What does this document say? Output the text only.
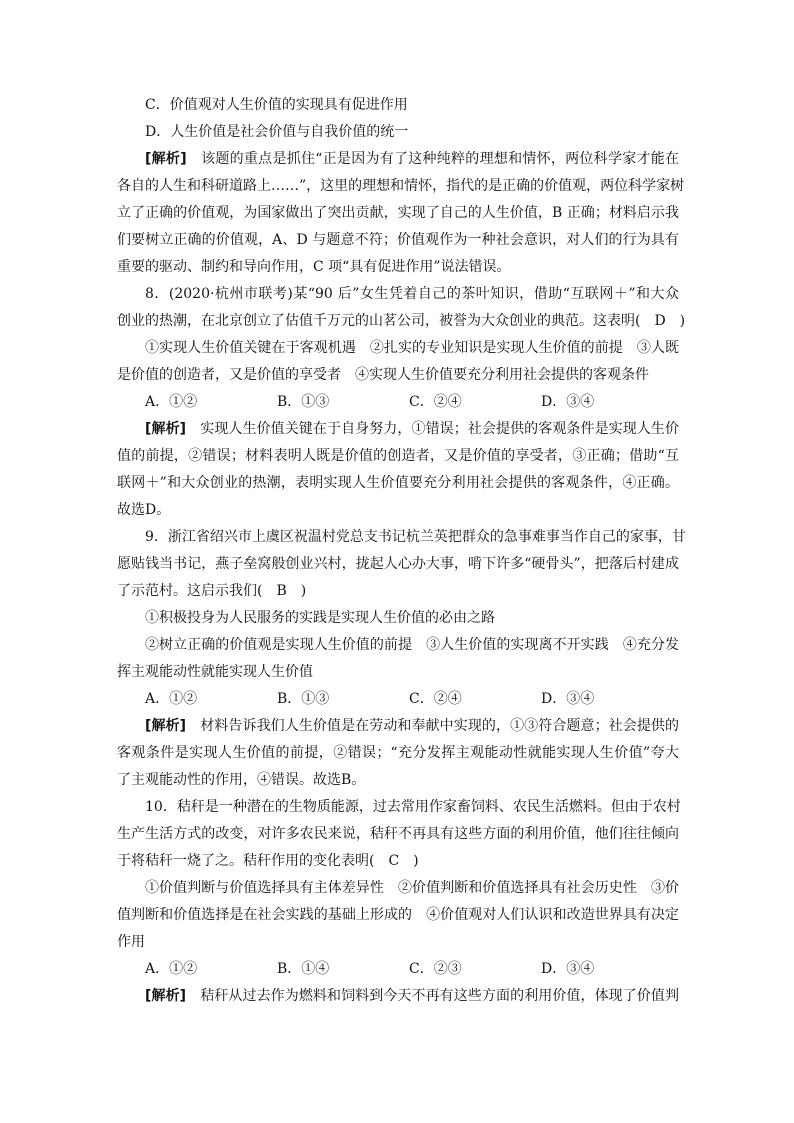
C．价值观对人生价值的实现具有促进作用
D．人生价值是社会价值与自我价值的统一
[解析]　 该题的重点是抓住“正是因为有了这种纯粹的理想和情怀，两位科学家才能在
各自的人生和科研道路上……”，这里的理想和情怀，指代的是正确的价值观，两位科学家树
立了正确的价值观，为国家做出了突出贡献，实现了自己的人生价值，B 正确；材料启示我
们要树立正确的价值观，A、D 与题意不符；价值观作为一种社会意识，对人们的行为具有
重要的驱动、制约和导向作用，C 项“具有促进作用”说法错误。
8．(2020·杭州市联考)某“90 后”女生凭着自己的茶叶知识，借助“互联网＋”和大众
创业的热潮，在北京创立了估值千万元的山茗公司，被誉为大众创业的典范。这表明(　D　)
①实现人生价值关键在于客观机遇　②扎实的专业知识是实现人生价值的前提　③人既
是价值的创造者，又是价值的享受者　④实现人生价值要充分利用社会提供的客观条件
A．①②	B．①③	C．②④	D．③④
[解析]　 实现人生价值关键在于自身努力，①错误；社会提供的客观条件是实现人生价
值的前提，②错误；材料表明人既是价值的创造者，又是价值的享受者，③正确；借助“互
联网＋”和大众创业的热潮，表明实现人生价值要充分利用社会提供的客观条件，④正确。
故选D。
9．浙江省绍兴市上虞区祝温村党总支书记杭兰英把群众的急事难事当作自己的家事，甘
愿贴钱当书记，燕子垒窝般创业兴村，拢起人心办大事，啃下许多“硬骨头”，把落后村建成
了示范村。这启示我们(　B　)
①积极投身为人民服务的实践是实现人生价值的必由之路
②树立正确的价值观是实现人生价值的前提　③人生价值的实现离不开实践　④充分发
挥主观能动性就能实现人生价值
A．①②	B．①③	C．②④	D．③④
[解析]　 材料告诉我们人生价值是在劳动和奉献中实现的，①③符合题意；社会提供的
客观条件是实现人生价值的前提，②错误；“充分发挥主观能动性就能实现人生价值”夸大
了主观能动性的作用，④错误。故选B。
10．秸秆是一种潜在的生物质能源，过去常用作家畜饲料、农民生活燃料。但由于农村
生产生活方式的改变，对许多农民来说，秸秆不再具有这些方面的利用价值，他们往往倾向
于将秸秆一烧了之。秸秆作用的变化表明(　C　)
①价值判断与价值选择具有主体差异性　②价值判断和价值选择具有社会历史性　③价
值判断和价值选择是在社会实践的基础上形成的　④价值观对人们认识和改造世界具有决定
作用
A．①②	B．①④	C．②③	D．③④
[解析]　 秸秆从过去作为燃料和饲料到今天不再有这些方面的利用价值，体现了价值判
